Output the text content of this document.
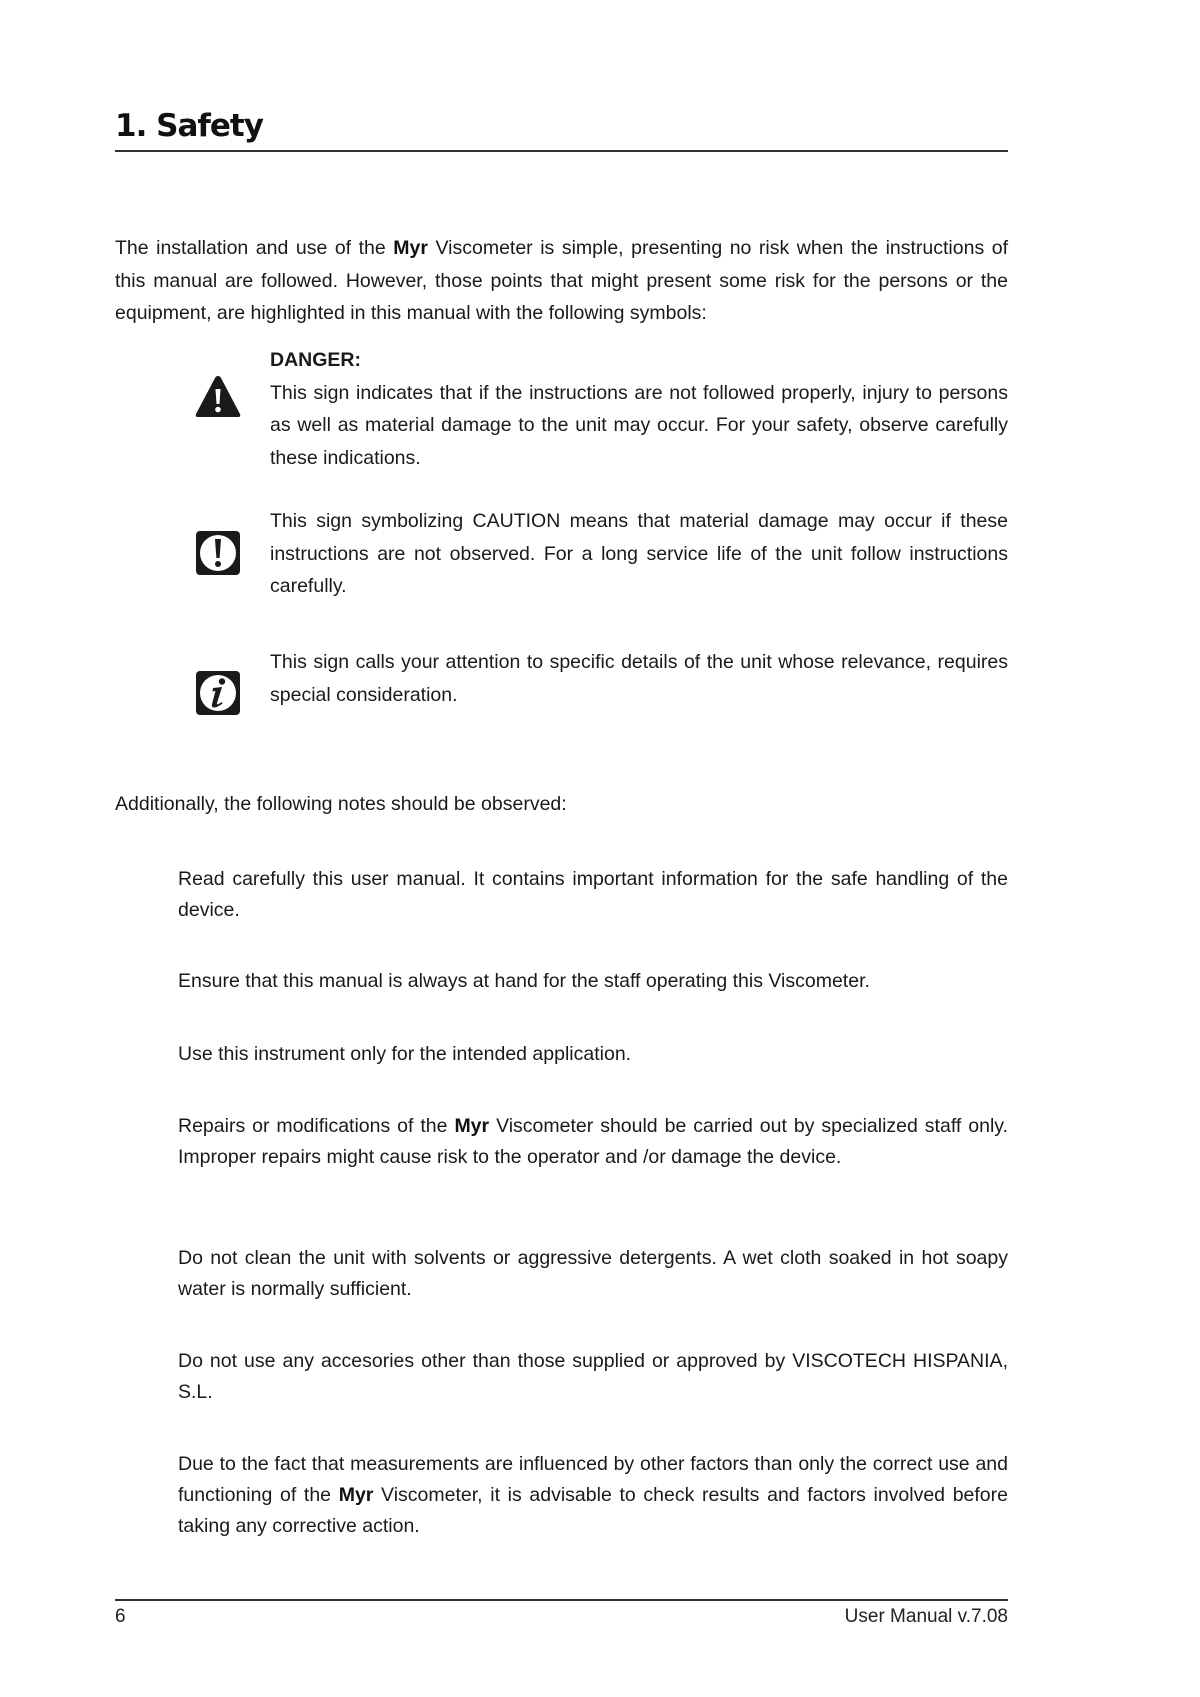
1. Safety

The installation and use of the Myr Viscometer is simple, presenting no risk when the instructions of this manual are followed. However, those points that might present some risk for the persons or the equipment, are highlighted in this manual with the following symbols:

DANGER:
This sign indicates that if the instructions are not followed properly, injury to persons as well as material damage to the unit may occur. For your safety, observe carefully these indications.
This sign symbolizing CAUTION means that material damage may occur if these instructions are not observed. For a long service life of the unit follow instructions carefully.
This sign calls your attention to specific details of the unit whose relevance, requires special consideration.

Additionally, the following notes should be observed:

Read carefully this user manual. It contains important information for the safe handling of the device.

Ensure that this manual is always at hand for the staff operating this Viscometer.

Use this instrument only for the intended application.

Repairs or modifications of the Myr Viscometer should be carried out by specialized staff only. Improper repairs might cause risk to the operator and /or damage the device.

Do not clean the unit with solvents or aggressive detergents. A wet cloth soaked in hot soapy water is normally sufficient.

Do not use any accesories other than those supplied or approved by VISCOTECH HISPANIA, S.L.

Due to the fact that measurements are influenced by other factors than only the correct use and functioning of the Myr Viscometer, it is advisable to check results and factors involved before taking any corrective action.

6	User Manual v.7.08
